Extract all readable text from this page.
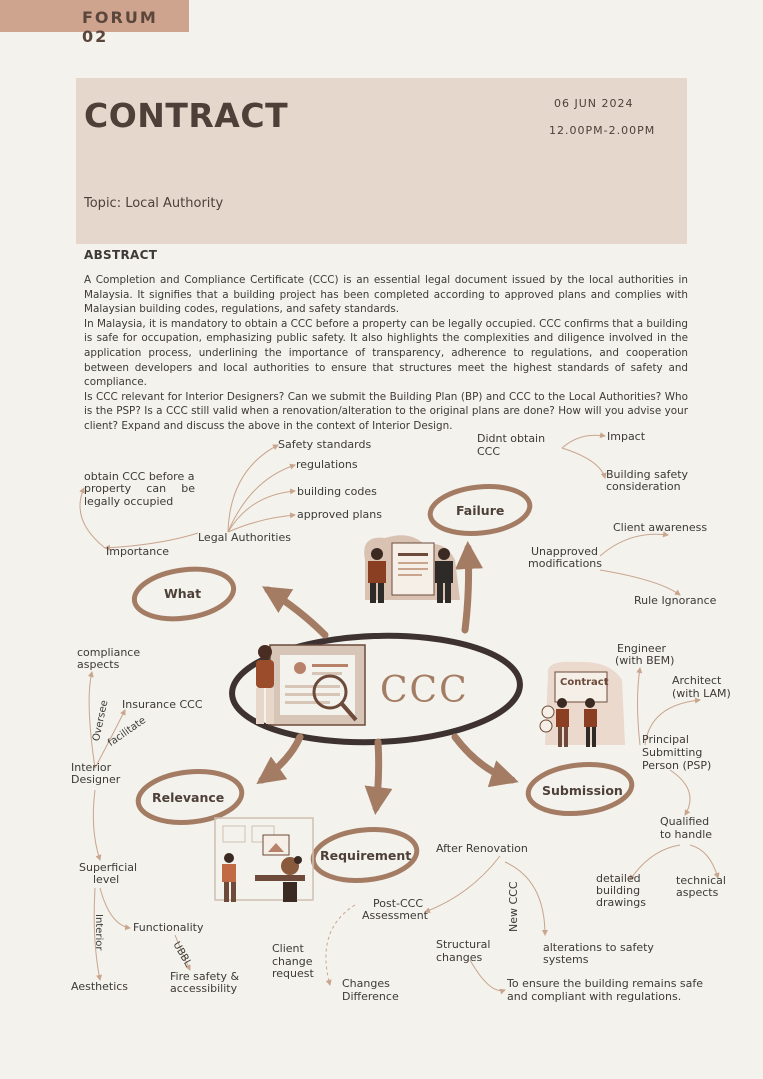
FORUM 02
CONTRACT	06 JUN 2024
12.00PM-2.00PM
Topic: Local Authority
ABSTRACT

A Completion and Compliance Certificate (CCC) is an essential legal document issued by the local authorities in Malaysia. It signifies that a building project has been completed according to approved plans and complies with Malaysian building codes, regulations, and safety standards.

In Malaysia, it is mandatory to obtain a CCC before a property can be legally occupied. CCC confirms that a building is safe for occupation, emphasizing public safety. It also highlights the complexities and diligence involved in the application process, underlining the importance of transparency, adherence to regulations, and cooperation between developers and local authorities to ensure that structures meet the highest standards of safety and compliance.

Is CCC relevant for Interior Designers? Can we submit the Building Plan (BP) and CCC to the Local Authorities? Who is the PSP? Is a CCC still valid when a renovation/alteration to the original plans are done? How will you advise your client? Expand and discuss the above in the context of Interior Design.

CCC
What
Legal Authorities
Safety standards
regulations
building codes
approved plans
Importance
obtain CCC before a
property can be
legally occupied
Failure
Didnt obtain
CCC
Impact
Building safety
consideration
Unapproved
modifications
Client awareness
Rule Ignorance
Submission
Contract
Engineer
(with BEM)
Architect
(with LAM)
Principal
Submitting
Person (PSP)
Qualified
to handle
detailed
building
drawings
technical
aspects
Relevance
compliance
aspects
Oversee
facilitate
Insurance CCC
Interior
Designer
Superficial
level
Interior	Functionality
UBBL
Aesthetics
Fire safety &
accessibility
Requirement After Renovation
Post-CCC
Assessment	New CCC
Client
change
request
Changes
Difference
Structural
changes
alterations to safety
systems
To ensure the building remains safe
and compliant with regulations.
